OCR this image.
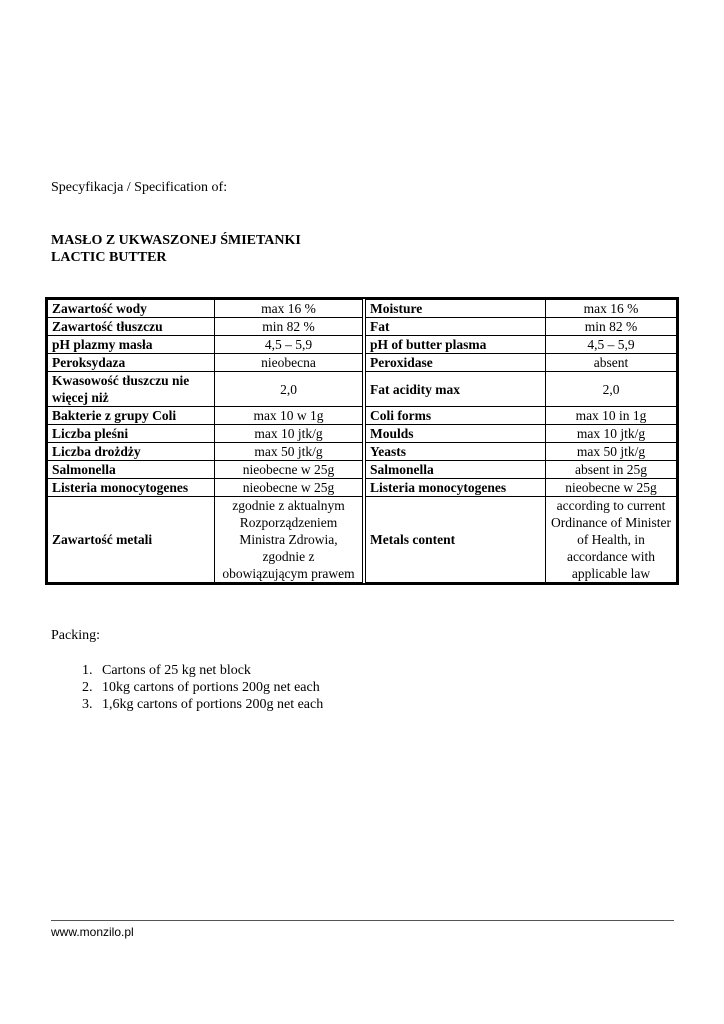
Specyfikacja / Specification of:
MASŁO Z UKWASZONEJ ŚMIETANKI
LACTIC BUTTER
Zawartość wody	max 16 %		Moisture	max 16 %
Zawartość tłuszczu	min 82 %		Fat	min 82 %
pH plazmy masła	4,5 – 5,9		pH of butter plasma	4,5 – 5,9
Peroksydaza	nieobecna		Peroxidase	absent
Kwasowość tłuszczu nie więcej niż	2,0		Fat acidity max	2,0
Bakterie z grupy Coli	max 10 w 1g		Coli forms	max 10 in 1g
Liczba pleśni	max 10 jtk/g		Moulds	max 10 jtk/g
Liczba drożdży	max 50 jtk/g		Yeasts	max 50 jtk/g
Salmonella	nieobecne w 25g		Salmonella	absent in 25g
Listeria monocytogenes	nieobecne w 25g		Listeria monocytogenes	nieobecne w 25g
Zawartość metali	zgodnie z aktualnym Rozporządzeniem Ministra Zdrowia, zgodnie z obowiązującym prawem		Metals content	according to current Ordinance of Minister of Health, in accordance with applicable law
Packing:
1. Cartons of 25 kg net block
2. 10kg cartons of portions 200g net each
3. 1,6kg cartons of portions 200g net each
www.monzilo.pl
